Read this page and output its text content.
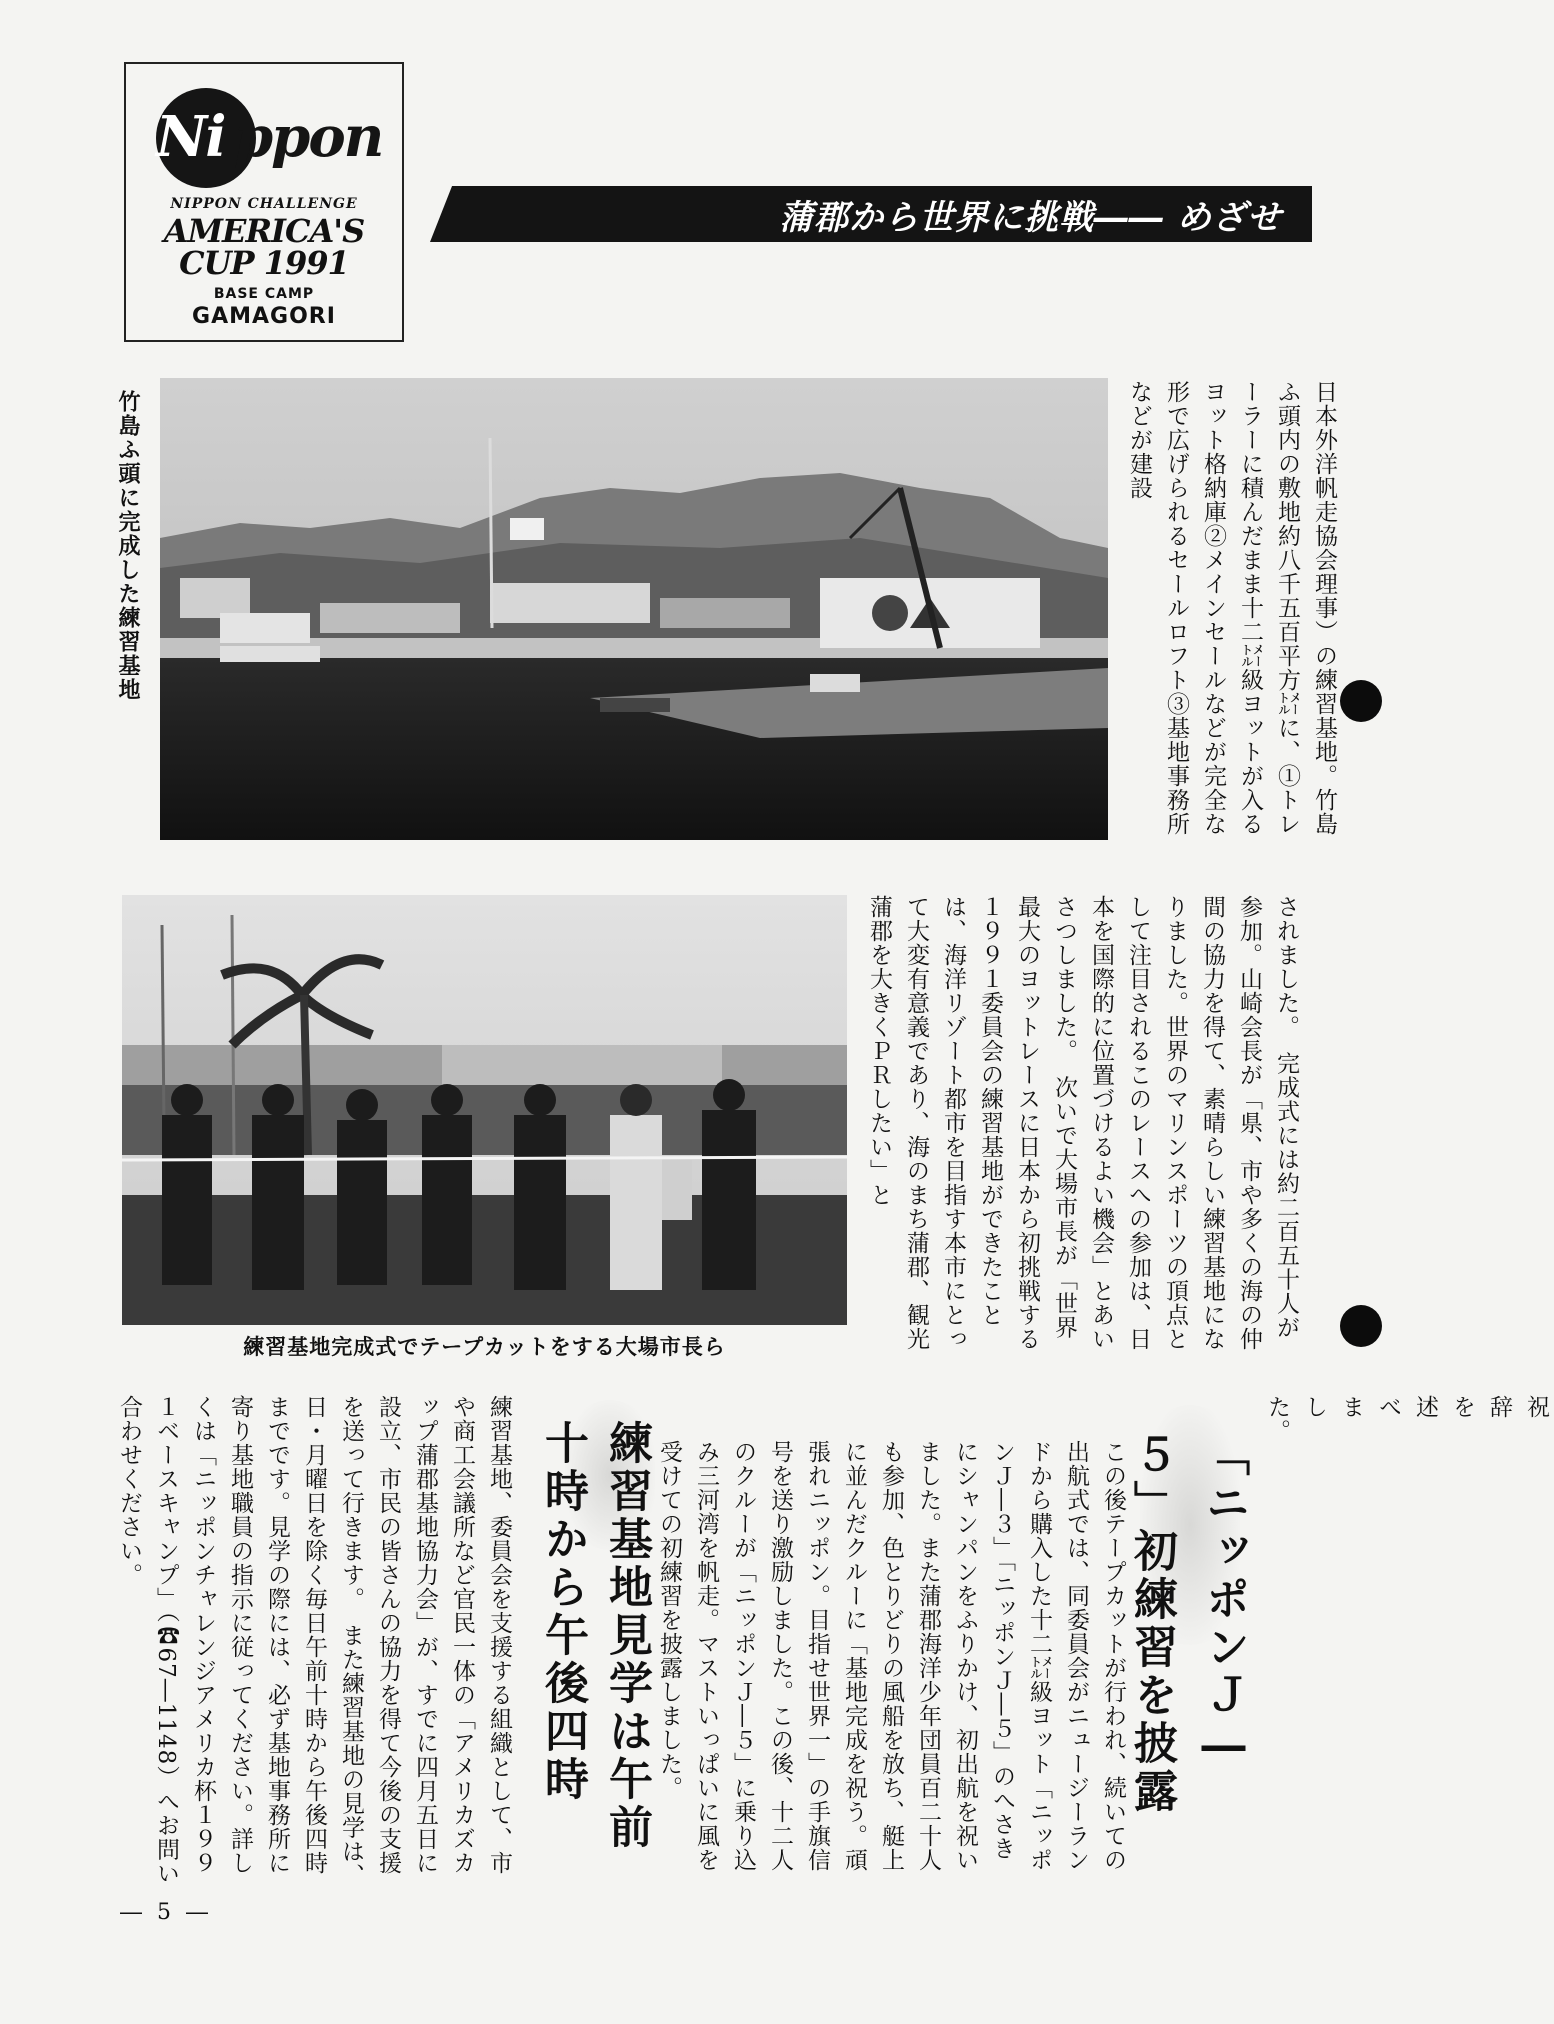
Ni ppon
NIPPON CHALLENGE
AMERICA'S
CUP 1991
BASE CAMP
GAMAGORI
蒲郡から世界に挑戦―― めざせ
竹島ふ頭に完成した練習基地	日本外洋帆走協会理事）の練習基地。竹島ふ頭内の敷地約八千五百平方㍍に、①トレーラーに積んだまま十二㍍級ヨットが入るヨット格納庫②メインセールなどが完全な形で広げられるセールロフト③基地事務所などが建設
練習基地完成式でテープカットをする大場市長ら
されました。　完成式には約二百五十人が参加。山崎会長が「県、市や多くの海の仲間の協力を得て、素晴らしい練習基地になりました。世界のマリンスポーツの頂点として注目されるこのレースへの参加は、日本を国際的に位置づけるよい機会」とあいさつしました。　次いで大場市長が「世界最大のヨットレースに日本から初挑戦する１９９１委員会の練習基地ができたことは、海洋リゾート都市を目指す本市にとって大変有意義であり、海のまち蒲郡、観光蒲郡を大きくＰＲしたい」と
祝辞を述べました。
「ニッポンＪ―５」初練習を披露
この後テープカットが行われ、続いての出航式では、同委員会がニュージーランドから購入した十二㍍級ヨット「ニッポンＪ―３」「ニッポンＪ―５」のへさきにシャンパンをふりかけ、初出航を祝いました。また蒲郡海洋少年団員百二十人も参加、色とりどりの風船を放ち、艇上に並んだクルーに「基地完成を祝う。頑張れニッポン。目指せ世界一」の手旗信号を送り激励しました。この後、十二人のクルーが「ニッポンＪ―５」に乗り込み三河湾を帆走。マストいっぱいに風を受けての初練習を披露しました。
練習基地見学は午前十時から午後四時
練習基地、委員会を支援する組織として、市や商工会議所など官民一体の「アメリカズカップ蒲郡基地協力会」が、すでに四月五日に設立、市民の皆さんの協力を得て今後の支援を送って行きます。　また練習基地の見学は、日・月曜日を除く毎日午前十時から午後四時までです。見学の際には、必ず基地事務所に寄り基地職員の指示に従ってください。詳しくは「ニッポンチャレンジアメリカ杯１９９１ベースキャンプ」（☎67―1148）へお問い合わせください。
― 5 ―
